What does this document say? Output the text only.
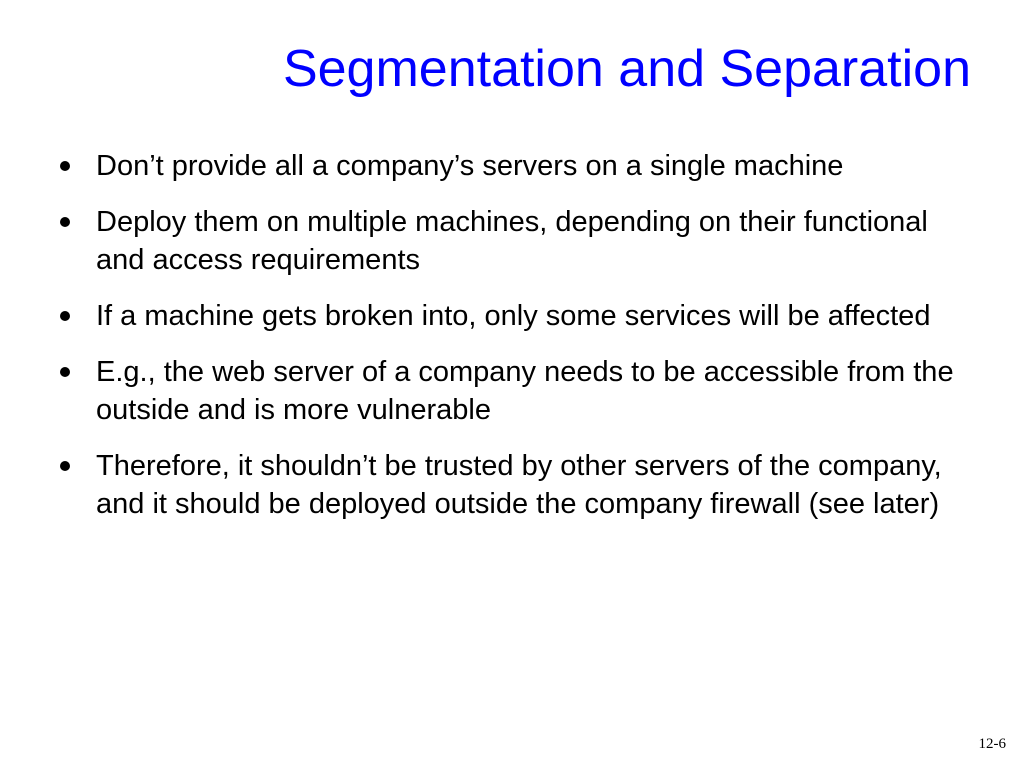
Segmentation and Separation
Don’t provide all a company’s servers on a single machine
Deploy them on multiple machines, depending on their functional and access requirements
If a machine gets broken into, only some services will be affected
E.g., the web server of a company needs to be accessible from the outside and is more vulnerable
Therefore, it shouldn’t be trusted by other servers of the company, and it should be deployed outside the company firewall (see later)
12-6
